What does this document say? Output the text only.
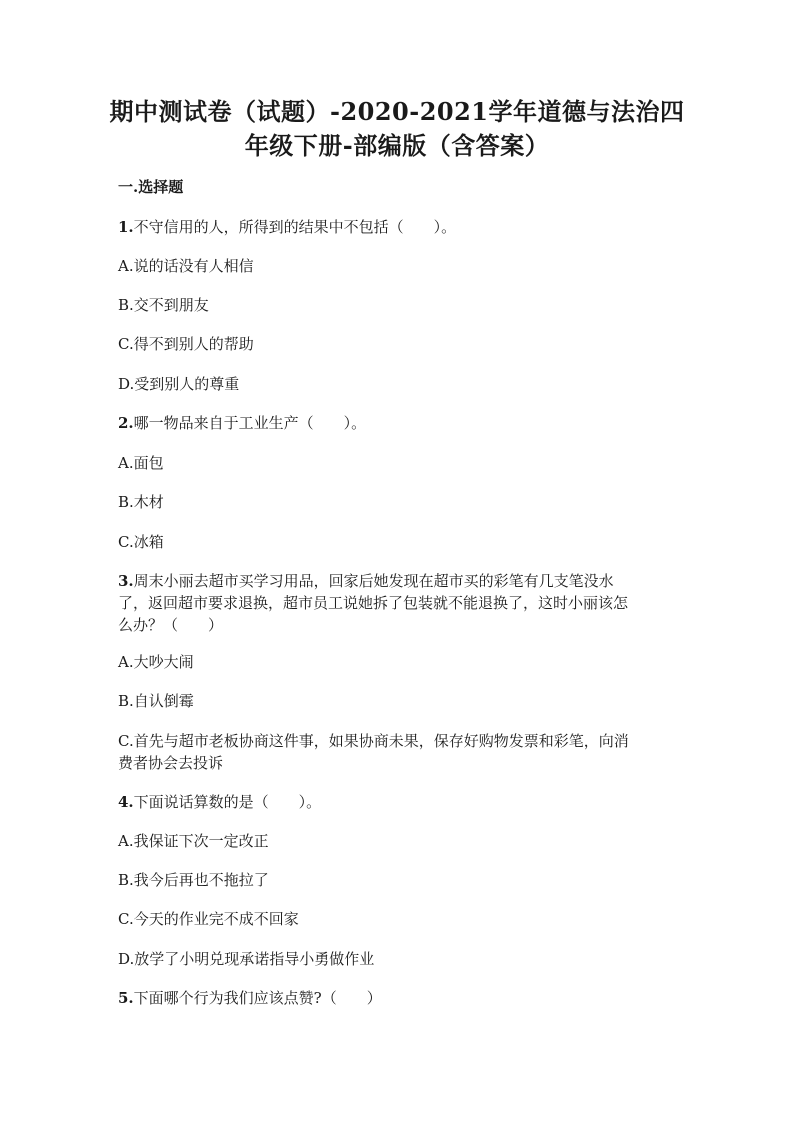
期中测试卷（试题）-2020-2021学年道德与法治四
年级下册-部编版（含答案）
一.选择题
1.不守信用的人，所得到的结果中不包括（　　）。
A.说的话没有人相信
B.交不到朋友
C.得不到别人的帮助
D.受到别人的尊重
2.哪一物品来自于工业生产（　　）。
A.面包
B.木材
C.冰箱
3.周末小丽去超市买学习用品，回家后她发现在超市买的彩笔有几支笔没水
了，返回超市要求退换，超市员工说她拆了包装就不能退换了，这时小丽该怎
么办？（　　）
A.大吵大闹
B.自认倒霉
C.首先与超市老板协商这件事，如果协商未果，保存好购物发票和彩笔，向消
费者协会去投诉
4.下面说话算数的是（　　）。
A.我保证下次一定改正
B.我今后再也不拖拉了
C.今天的作业完不成不回家
D.放学了小明兑现承诺指导小勇做作业
5.下面哪个行为我们应该点赞?（　　）
